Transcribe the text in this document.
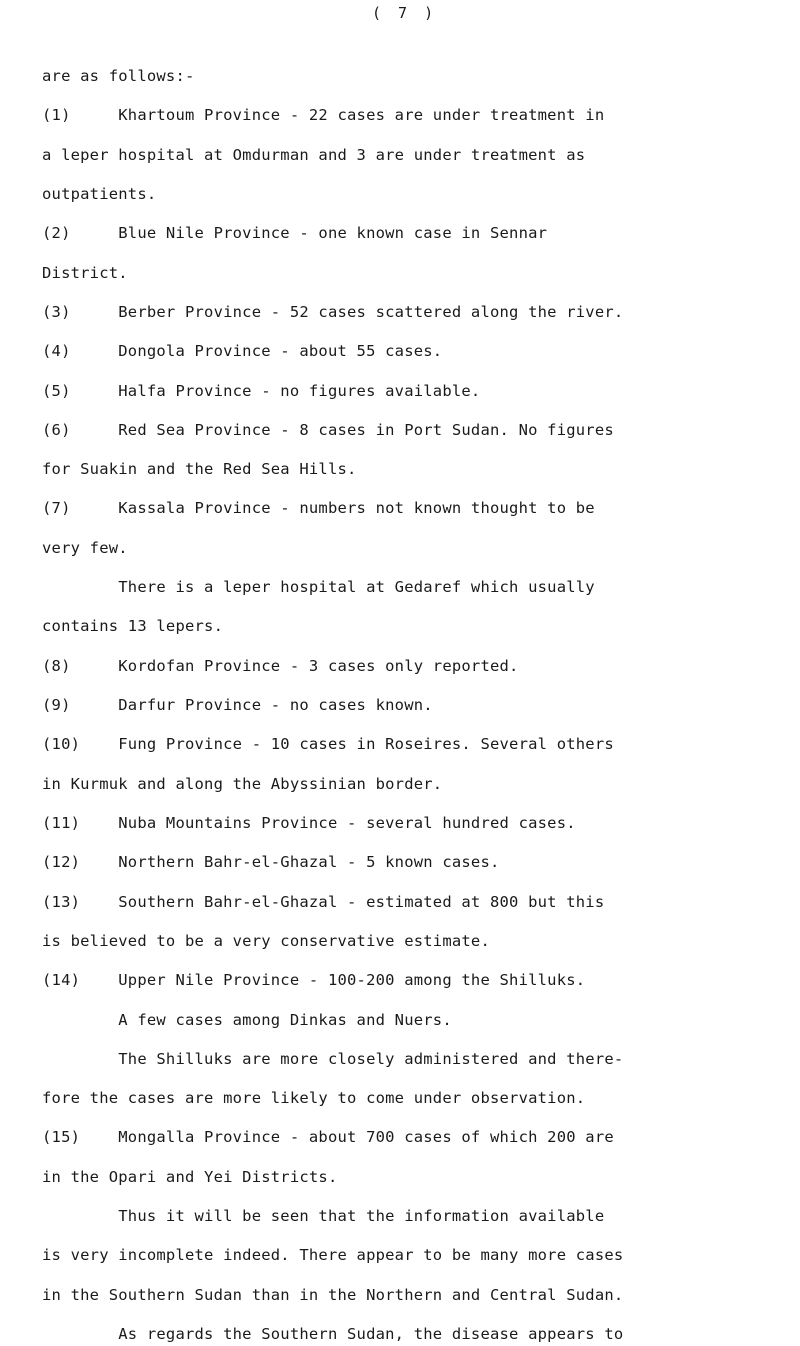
( 7 )
are as follows:-
(1)     Khartoum Province - 22 cases are under treatment in
a leper hospital at Omdurman and 3 are under treatment as
outpatients.
(2)     Blue Nile Province - one known case in Sennar
District.
(3)     Berber Province - 52 cases scattered along the river.
(4)     Dongola Province - about 55 cases.
(5)     Halfa Province - no figures available.
(6)     Red Sea Province - 8 cases in Port Sudan. No figures
for Suakin and the Red Sea Hills.
(7)     Kassala Province - numbers not known thought to be
very few.
There is a leper hospital at Gedaref which usually
contains 13 lepers.
(8)     Kordofan Province - 3 cases only reported.
(9)     Darfur Province - no cases known.
(10)    Fung Province - 10 cases in Roseires. Several others
in Kurmuk and along the Abyssinian border.
(11)    Nuba Mountains Province - several hundred cases.
(12)    Northern Bahr-el-Ghazal - 5 known cases.
(13)    Southern Bahr-el-Ghazal - estimated at 800 but this
is believed to be a very conservative estimate.
(14)    Upper Nile Province - 100-200 among the Shilluks.
A few cases among Dinkas and Nuers.
The Shilluks are more closely administered and there-
fore the cases are more likely to come under observation.
(15)    Mongalla Province - about 700 cases of which 200 are
in the Opari and Yei Districts.
Thus it will be seen that the information available
is very incomplete indeed. There appear to be many more cases
in the Southern Sudan than in the Northern and Central Sudan.
As regards the Southern Sudan, the disease appears to
